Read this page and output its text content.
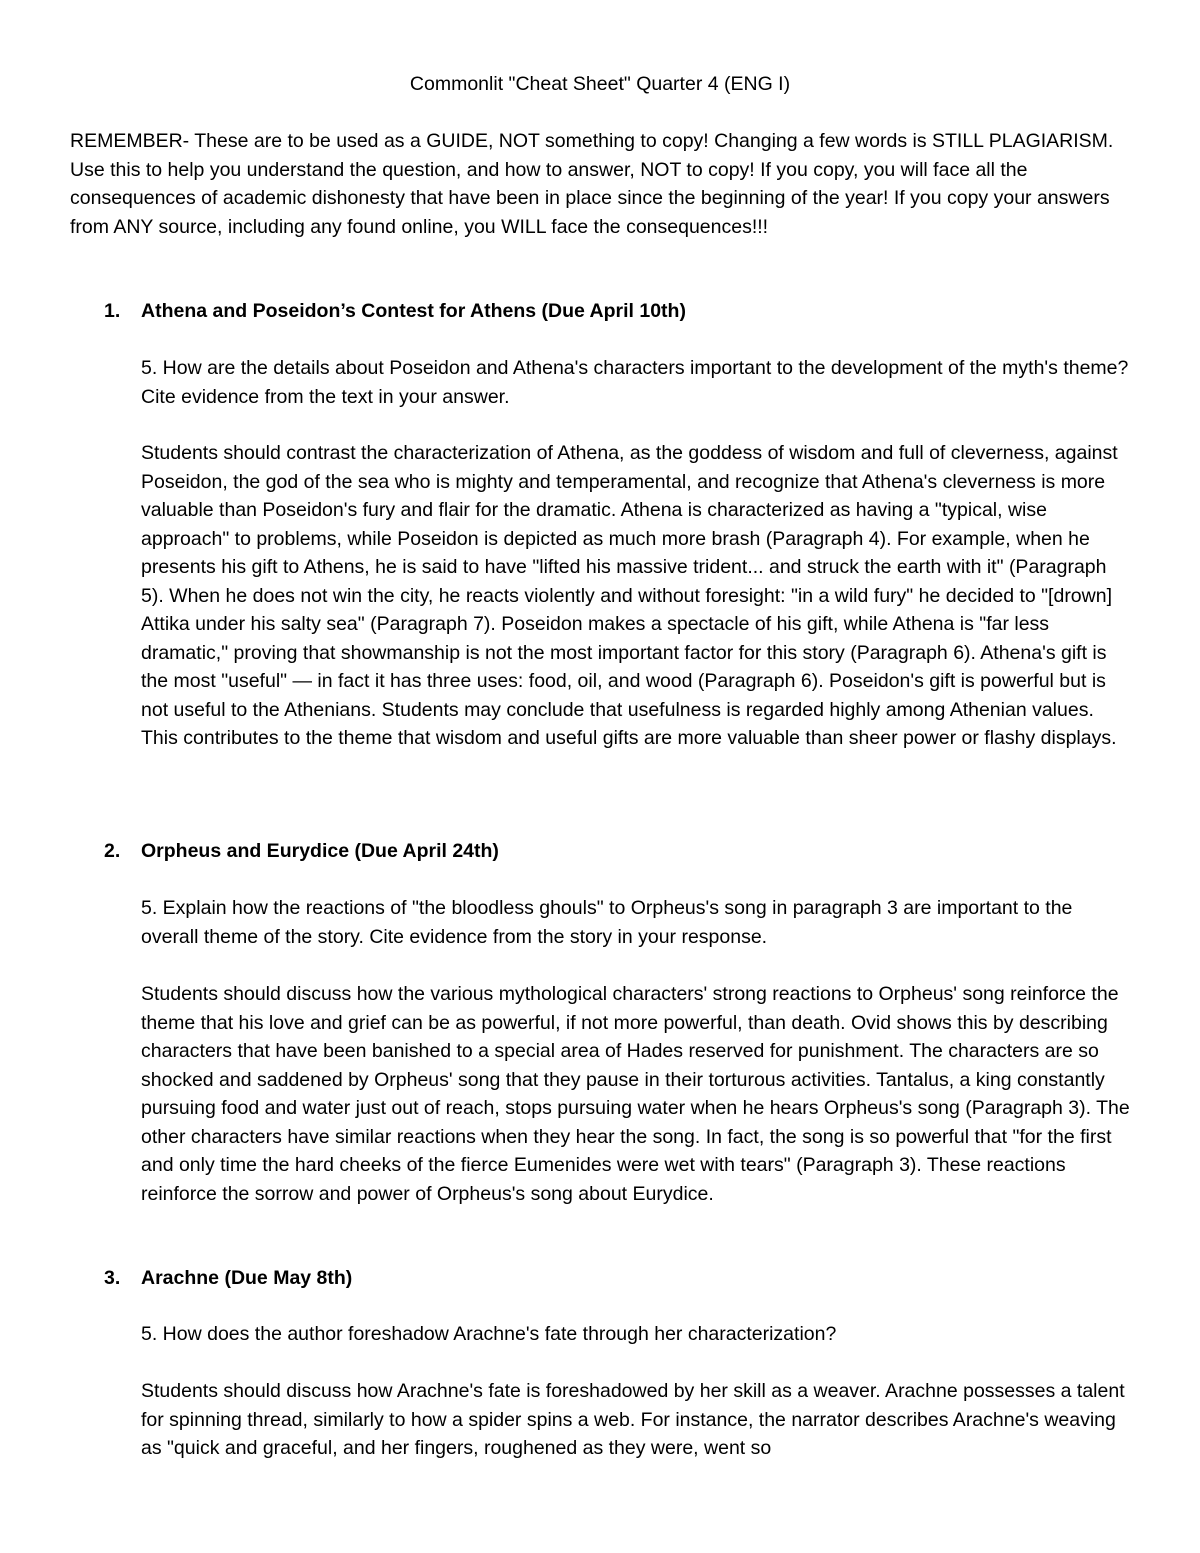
Commonlit "Cheat Sheet" Quarter 4 (ENG I)

REMEMBER- These are to be used as a GUIDE, NOT something to copy! Changing a few words is STILL PLAGIARISM. Use this to help you understand the question, and how to answer, NOT to copy! If you copy, you will face all the consequences of academic dishonesty that have been in place since the beginning of the year! If you copy your answers from ANY source, including any found online, you WILL face the consequences!!!

1. Athena and Poseidon’s Contest for Athens (Due April 10th)

5. How are the details about Poseidon and Athena's characters important to the development of the myth's theme? Cite evidence from the text in your answer.

Students should contrast the characterization of Athena, as the goddess of wisdom and full of cleverness, against Poseidon, the god of the sea who is mighty and temperamental, and recognize that Athena's cleverness is more valuable than Poseidon's fury and flair for the dramatic. Athena is characterized as having a "typical, wise approach" to problems, while Poseidon is depicted as much more brash (Paragraph 4). For example, when he presents his gift to Athens, he is said to have "lifted his massive trident... and struck the earth with it" (Paragraph 5). When he does not win the city, he reacts violently and without foresight: "in a wild fury" he decided to "[drown] Attika under his salty sea" (Paragraph 7). Poseidon makes a spectacle of his gift, while Athena is "far less dramatic," proving that showmanship is not the most important factor for this story (Paragraph 6). Athena's gift is the most "useful" — in fact it has three uses: food, oil, and wood (Paragraph 6). Poseidon's gift is powerful but is not useful to the Athenians. Students may conclude that usefulness is regarded highly among Athenian values. This contributes to the theme that wisdom and useful gifts are more valuable than sheer power or flashy displays.

2. Orpheus and Eurydice (Due April 24th)

5. Explain how the reactions of "the bloodless ghouls" to Orpheus's song in paragraph 3 are important to the overall theme of the story. Cite evidence from the story in your response.

Students should discuss how the various mythological characters' strong reactions to Orpheus' song reinforce the theme that his love and grief can be as powerful, if not more powerful, than death. Ovid shows this by describing characters that have been banished to a special area of Hades reserved for punishment. The characters are so shocked and saddened by Orpheus' song that they pause in their torturous activities. Tantalus, a king constantly pursuing food and water just out of reach, stops pursuing water when he hears Orpheus's song (Paragraph 3). The other characters have similar reactions when they hear the song. In fact, the song is so powerful that "for the first and only time the hard cheeks of the fierce Eumenides were wet with tears" (Paragraph 3). These reactions reinforce the sorrow and power of Orpheus's song about Eurydice.

3. Arachne (Due May 8th)

5. How does the author foreshadow Arachne's fate through her characterization?

Students should discuss how Arachne's fate is foreshadowed by her skill as a weaver. Arachne possesses a talent for spinning thread, similarly to how a spider spins a web. For instance, the narrator describes Arachne's weaving as "quick and graceful, and her fingers, roughened as they were, went so
